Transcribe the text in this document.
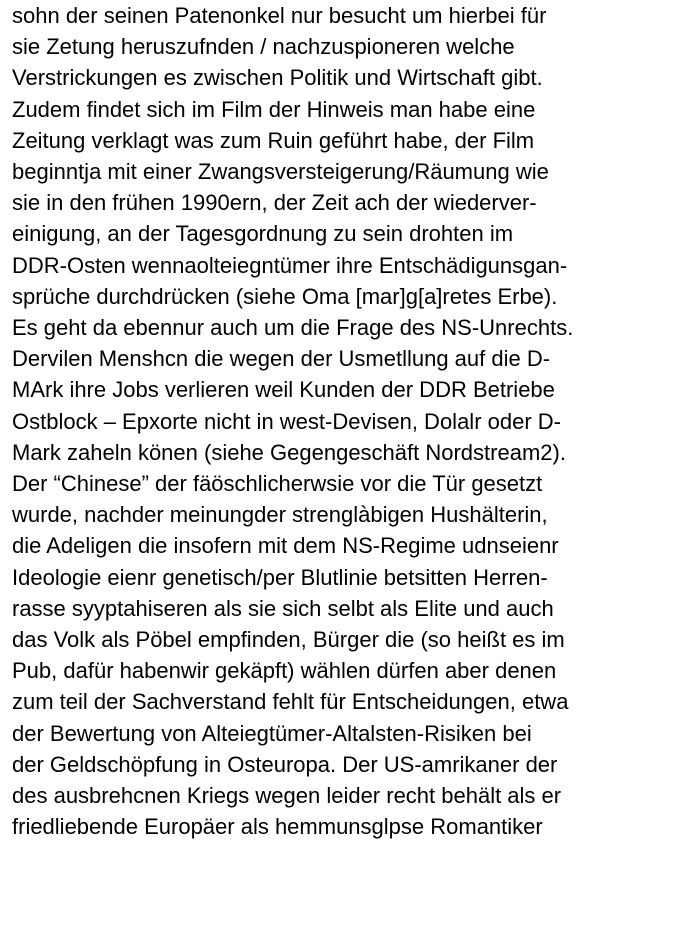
sohn der seinen Patenonkel nur besucht um hierbei für
sie Zetung heruszufnden / nachzuspioneren welche
Verstrickungen es zwischen Politik und Wirtschaft gibt.
Zudem findet sich im Film der Hinweis man habe eine
Zeitung verklagt was zum Ruin geführt habe, der Film
beginntja mit einer Zwangsversteigerung/Räumung wie
sie in den frühen 1990ern, der Zeit ach der wiederver-
einigung, an der Tagesgordnung zu sein drohten im
DDR-Osten wennaolteiegntümer ihre Entschädigunsgan-
sprüche durchdrücken (siehe Oma [mar]g[a]retes Erbe).
Es geht da ebennur auch um die Frage des NS-Unrechts.
Dervilen Menshcn die wegen der Usmetllung auf die D-
MArk ihre Jobs verlieren weil Kunden der DDR Betriebe
Ostblock – Epxorte nicht in west-Devisen, Dolalr oder D-
Mark zaheln könen (siehe Gegengeschäft Nordstream2).
Der “Chinese” der fäöschlicherwsie vor die Tür gesetzt
wurde, nachder meinungder strenglàbigen Hushälterin,
die Adeligen die insofern mit dem NS-Regime udnseienr
Ideologie eienr genetisch/per Blutlinie betsitten Herren-
rasse syyptahiseren als sie sich selbt als Elite und auch
das Volk als Pöbel empfinden, Bürger die (so heißt es im
Pub, dafür habenwir gekäpft) wählen dürfen aber denen
zum teil der Sachverstand fehlt für Entscheidungen, etwa
der Bewertung von Alteiegtümer-Altalsten-Risiken bei
der Geldschöpfung in Osteuropa. Der US-amrikaner der
des ausbrehcnen Kriegs wegen leider recht behält als er
friedliebende Europäer als hemmunsglpse Romantiker
